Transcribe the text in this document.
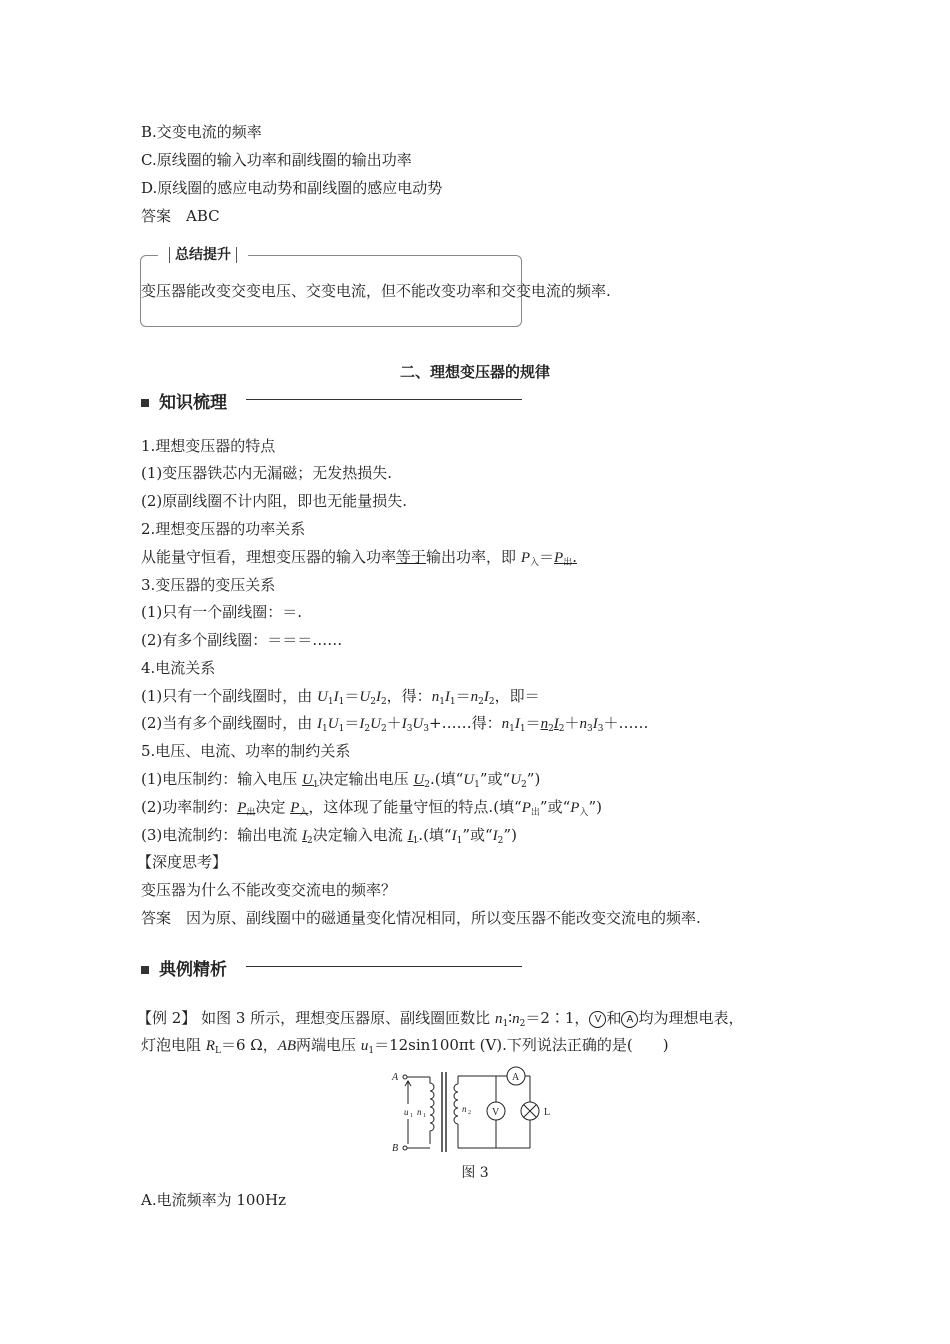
B.交变电流的频率
C.原线圈的输入功率和副线圈的输出功率
D.原线圈的感应电动势和副线圈的感应电动势
答案　ABC
总结提升
变压器能改变交变电压、交变电流，但不能改变功率和交变电流的频率.
二、理想变压器的规律
知识梳理
1.理想变压器的特点
(1)变压器铁芯内无漏磁；无发热损失.
(2)原副线圈不计内阻，即也无能量损失.
2.理想变压器的功率关系
从能量守恒看，理想变压器的输入功率等于输出功率，即 $P_入=P_出$.
3.变压器的变压关系
(1)只有一个副线圈：＝.
(2)有多个副线圈：＝＝＝……
4.电流关系
(1)只有一个副线圈时，由 $U_1I_1=U_2I_2$，得：$n_1I_1=n_2I_2$，即＝
(2)当有多个副线圈时，由 $I_1U_1=I_2U_2+I_3U_3+\dots\dots$得：$n_1I_1=n_2I_2+n_3I_3+\dots\dots$
5.电压、电流、功率的制约关系
(1)电压制约：输入电压 $U_1$决定输出电压 $U_2$.(填“$U_1$”或“$U_2$”)
(2)功率制约：$P_出$决定 $P_入$，这体现了能量守恒的特点.(填“$P_出$”或“$P_入$”)
(3)电流制约：输出电流 $I_2$决定输入电流 $I_1$.(填“$I_1$”或“$I_2$”)
【深度思考】
变压器为什么不能改变交流电的频率？
答案　因为原、副线圈中的磁通量变化情况相同，所以变压器不能改变交流电的频率.
典例精析
【例 2】 如图 3 所示，理想变压器原、副线圈匝数比 $n_1∶n_2=2∶1$， V 和 A 均为理想电表，
灯泡电阻 $R_L=6$ Ω，AB两端电压 $u_1=12\sin 100\pi t$ (V).下列说法正确的是(　　)
A
B
u 1 n 1
n 2 V
A
L
图 3
A.电流频率为 100Hz
